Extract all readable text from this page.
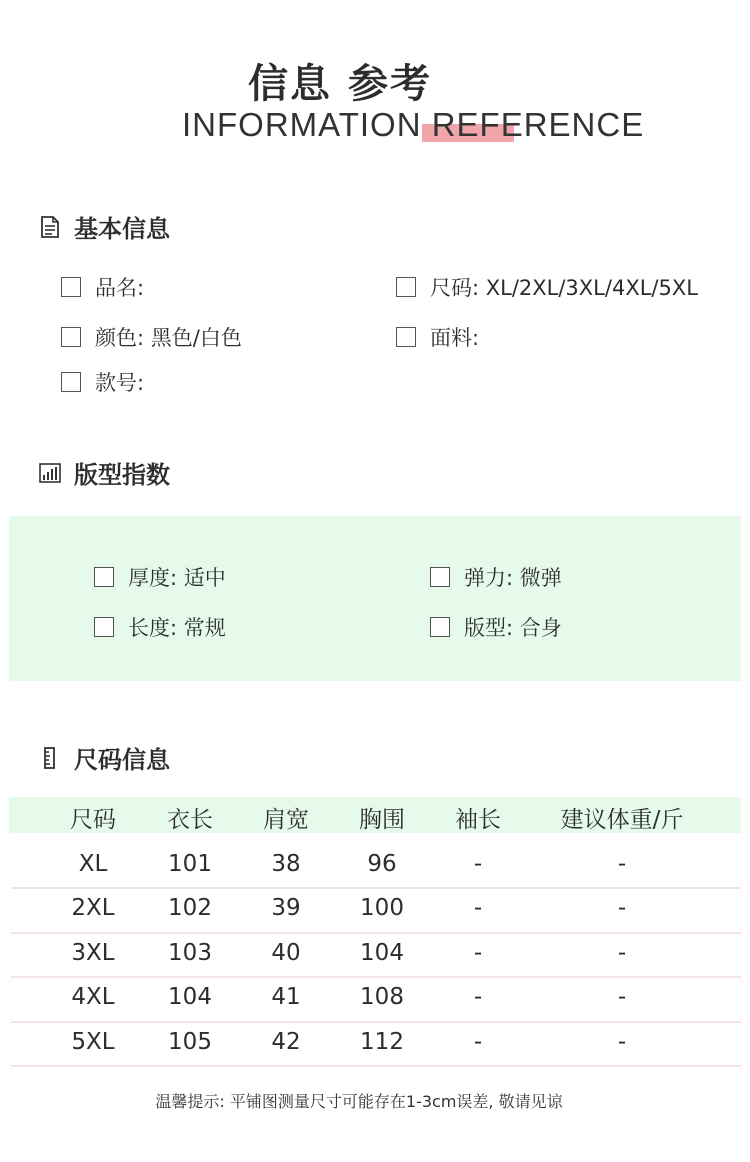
信息 参考
INFORMATION REFERENCE
基本信息
品名:	尺码: XL/2XL/3XL/4XL/5XL
颜色: 黑色/白色	面料:
款号:
版型指数
厚度: 适中	弹力: 微弹
长度: 常规	版型: 合身
尺码信息
尺码	衣长	肩宽	胸围	袖长	建议体重/斤
XL	101	38	96	-	-
2XL	102	39	100	-	-
3XL	103	40	104	-	-
4XL	104	41	108	-	-
5XL	105	42	112	-	-
温馨提示: 平铺图测量尺寸可能存在1-3cm误差, 敬请见谅
